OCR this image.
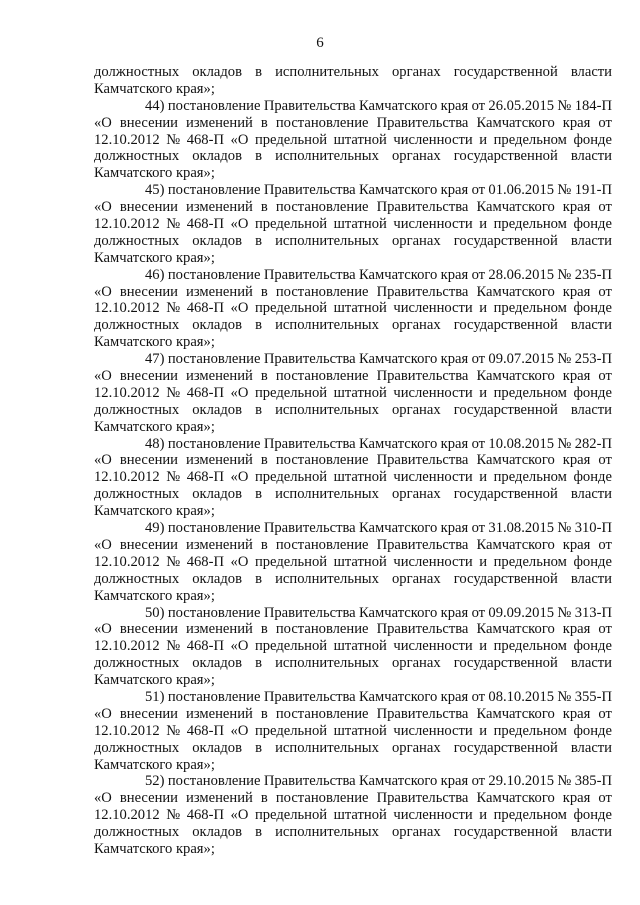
6
должностных окладов в исполнительных органах государственной власти
Камчатского края»;
44) постановление Правительства Камчатского края от 26.05.2015 № 184-П
«О внесении изменений в постановление Правительства Камчатского края от
12.10.2012 № 468-П «О предельной штатной численности и предельном фонде
должностных окладов в исполнительных органах государственной власти
Камчатского края»;
45) постановление Правительства Камчатского края от 01.06.2015 № 191-П
«О внесении изменений в постановление Правительства Камчатского края от
12.10.2012 № 468-П «О предельной штатной численности и предельном фонде
должностных окладов в исполнительных органах государственной власти
Камчатского края»;
46) постановление Правительства Камчатского края от 28.06.2015 № 235-П
«О внесении изменений в постановление Правительства Камчатского края от
12.10.2012 № 468-П «О предельной штатной численности и предельном фонде
должностных окладов в исполнительных органах государственной власти
Камчатского края»;
47) постановление Правительства Камчатского края от 09.07.2015 № 253-П
«О внесении изменений в постановление Правительства Камчатского края от
12.10.2012 № 468-П «О предельной штатной численности и предельном фонде
должностных окладов в исполнительных органах государственной власти
Камчатского края»;
48) постановление Правительства Камчатского края от 10.08.2015 № 282-П
«О внесении изменений в постановление Правительства Камчатского края от
12.10.2012 № 468-П «О предельной штатной численности и предельном фонде
должностных окладов в исполнительных органах государственной власти
Камчатского края»;
49) постановление Правительства Камчатского края от 31.08.2015 № 310-П
«О внесении изменений в постановление Правительства Камчатского края от
12.10.2012 № 468-П «О предельной штатной численности и предельном фонде
должностных окладов в исполнительных органах государственной власти
Камчатского края»;
50) постановление Правительства Камчатского края от 09.09.2015 № 313-П
«О внесении изменений в постановление Правительства Камчатского края от
12.10.2012 № 468-П «О предельной штатной численности и предельном фонде
должностных окладов в исполнительных органах государственной власти
Камчатского края»;
51) постановление Правительства Камчатского края от 08.10.2015 № 355-П
«О внесении изменений в постановление Правительства Камчатского края от
12.10.2012 № 468-П «О предельной штатной численности и предельном фонде
должностных окладов в исполнительных органах государственной власти
Камчатского края»;
52) постановление Правительства Камчатского края от 29.10.2015 № 385-П
«О внесении изменений в постановление Правительства Камчатского края от
12.10.2012 № 468-П «О предельной штатной численности и предельном фонде
должностных окладов в исполнительных органах государственной власти
Камчатского края»;
